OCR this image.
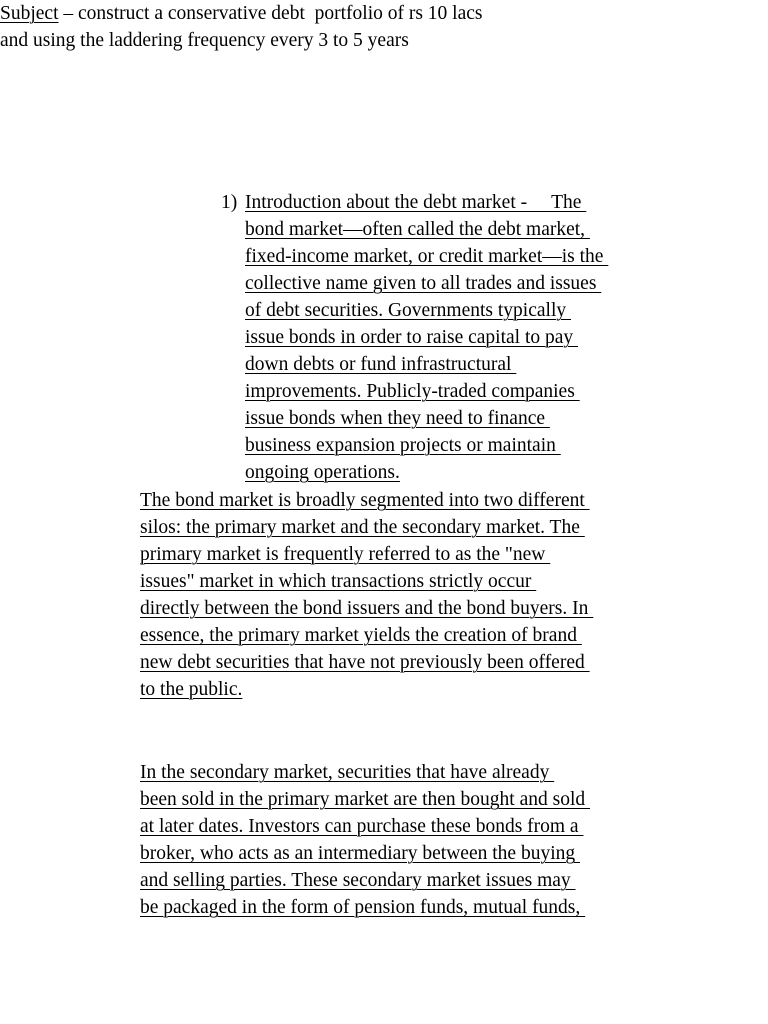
Subject – construct a conservative debt  portfolio of rs 10 lacs
and using the laddering frequency every 3 to 5 years
1) Introduction about the debt market -     The
bond market—often called the debt market,
fixed-income market, or credit market—is the
collective name given to all trades and issues
of debt securities. Governments typically
issue bonds in order to raise capital to pay
down debts or fund infrastructural
improvements. Publicly-traded companies
issue bonds when they need to finance
business expansion projects or maintain
ongoing operations.
The bond market is broadly segmented into two different
silos: the primary market and the secondary market. The
primary market is frequently referred to as the "new
issues" market in which transactions strictly occur
directly between the bond issuers and the bond buyers. In
essence, the primary market yields the creation of brand
new debt securities that have not previously been offered
to the public.
In the secondary market, securities that have already
been sold in the primary market are then bought and sold
at later dates. Investors can purchase these bonds from a
broker, who acts as an intermediary between the buying
and selling parties. These secondary market issues may
be packaged in the form of pension funds, mutual funds,
